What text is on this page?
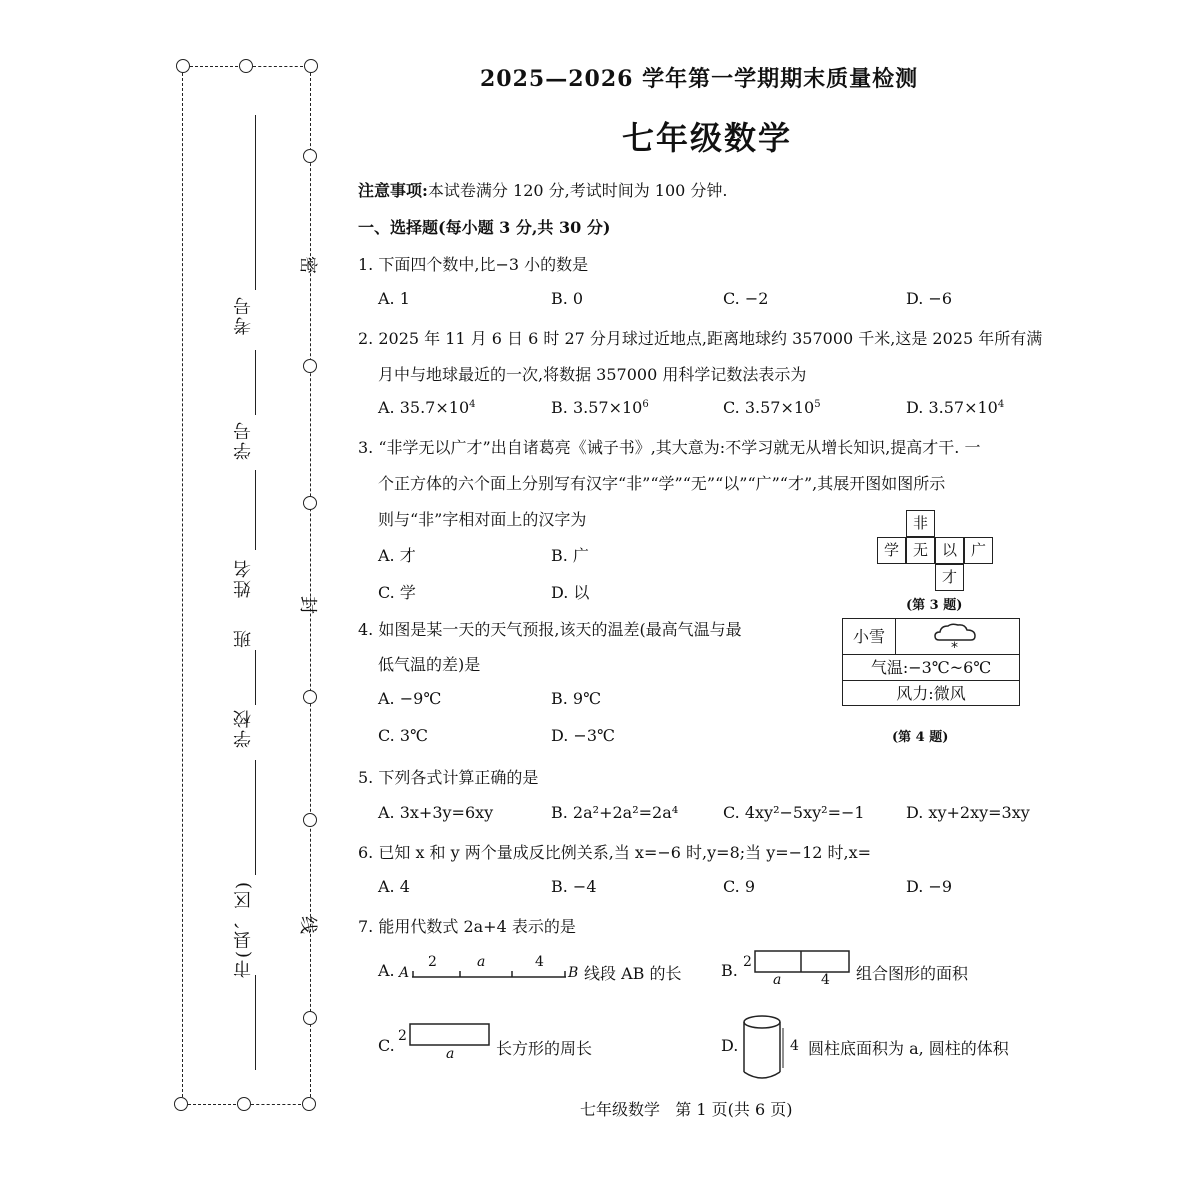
密
封
线
考号
学号
姓名
班
学校
市(县、区)
2025—2026 学年第一学期期末质量检测
七年级数学
注意事项:本试卷满分 120 分,考试时间为 100 分钟.
一、选择题(每小题 3 分,共 30 分)
1. 下面四个数中,比−3 小的数是
A. 1	B. 0	C. −2	D. −6
2. 2025 年 11 月 6 日 6 时 27 分月球过近地点,距离地球约 357000 千米,这是 2025 年所有满
月中与地球最近的一次,将数据 357000 用科学记数法表示为
A. $35.7\times 10^4$	B. $3.57\times 10^6$	C. $3.57\times 10^5$	D. $3.57\times 10^4$
3. “非学无以广才”出自诸葛亮《诫子书》,其大意为:不学习就无从增长知识,提高才干. 一
个正方体的六个面上分别写有汉字“非”“学”“无”“以”“广”“才”,其展开图如图所示
则与“非”字相对面上的汉字为
A. 才	B. 广
C. 学	D. 以
非
学 无 以 广
才
(第 3 题)
4. 如图是某一天的天气预报,该天的温差(最高气温与最
低气温的差)是
A. −9℃	B. 9℃
C. 3℃	D. −3℃
小雪
*
气温:−3℃~6℃
风力:微风
(第 4 题)
5. 下列各式计算正确的是
A. 3x+3y=6xy	B. 2a²+2a²=2a⁴	C. 4xy²−5xy²=−1	D. xy+2xy=3xy
6. 已知 x 和 y 两个量成反比例关系,当 x=−6 时,y=8;当 y=−12 时,x=
A. 4	B. −4	C. 9	D. −9
7. 能用代数式 2a+4 表示的是
A. A
2	a	4
B 线段 AB 的长 B. 2
a	4 组合图形的面积
C. 2
a	长方形的周长	D.	4 圆柱底面积为 a, 圆柱的体积
七年级数学   第 1 页(共 6 页)
